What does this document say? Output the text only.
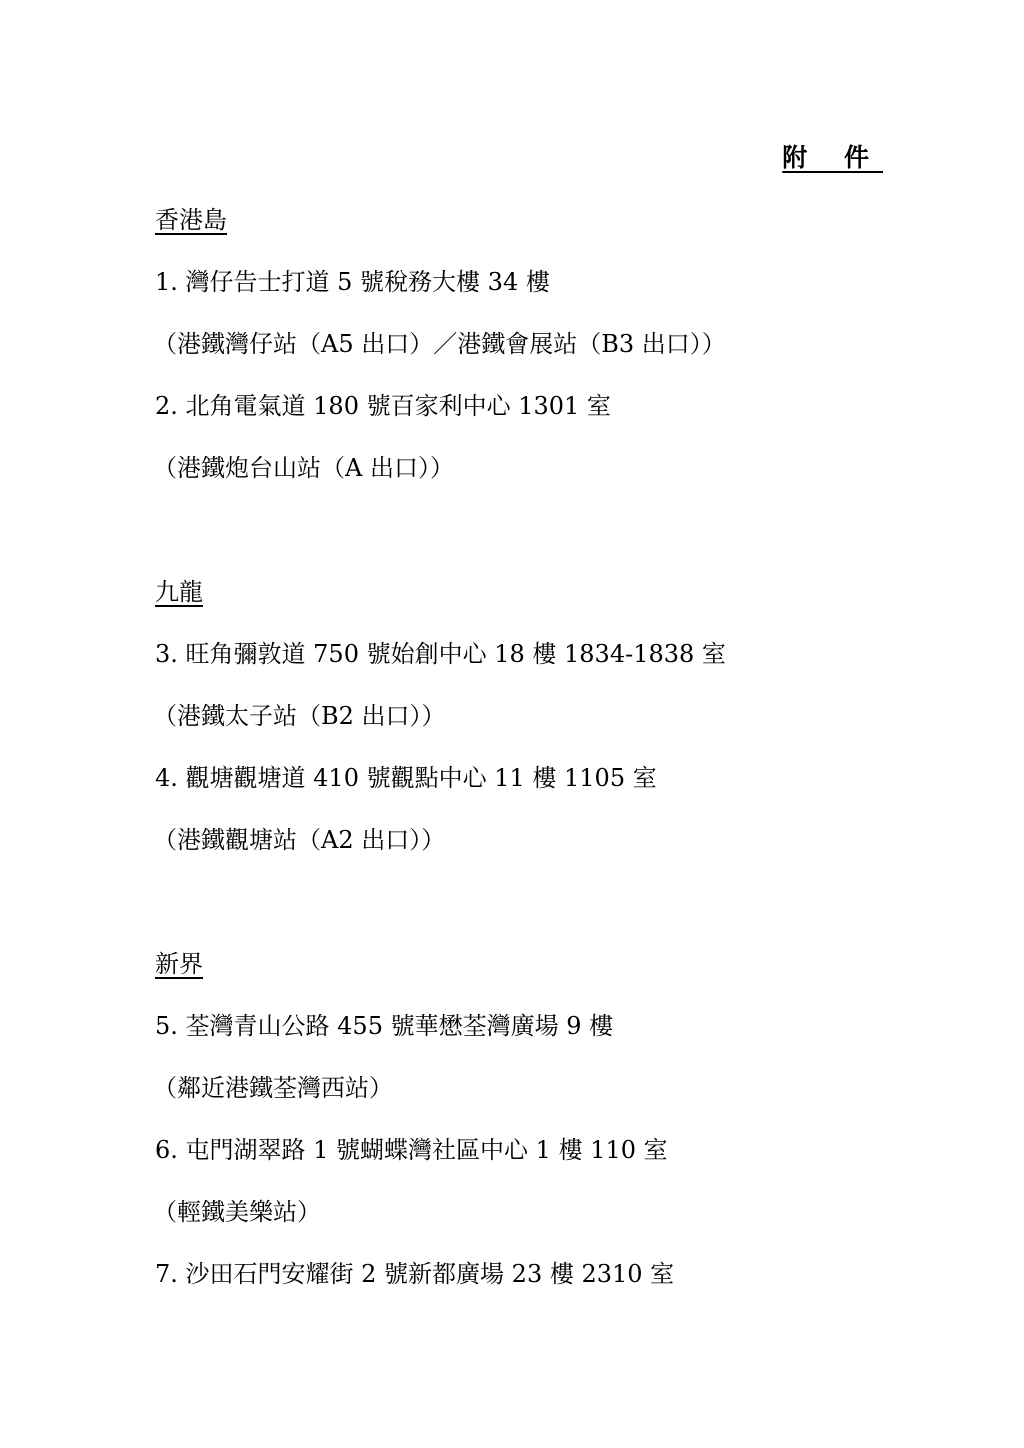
附 件
香港島
1. 灣仔告士打道 5 號稅務大樓 34 樓
（港鐵灣仔站（A5 出口）／港鐵會展站（B3 出口））
2. 北角電氣道 180 號百家利中心 1301 室
（港鐵炮台山站（A 出口））
九龍
3. 旺角彌敦道 750 號始創中心 18 樓 1834-1838 室
（港鐵太子站（B2 出口））
4. 觀塘觀塘道 410 號觀點中心 11 樓 1105 室
（港鐵觀塘站（A2 出口））
新界
5. 荃灣青山公路 455 號華懋荃灣廣場 9 樓
（鄰近港鐵荃灣西站）
6. 屯門湖翠路 1 號蝴蝶灣社區中心 1 樓 110 室
（輕鐵美樂站）
7. 沙田石門安耀街 2 號新都廣場 23 樓 2310 室
